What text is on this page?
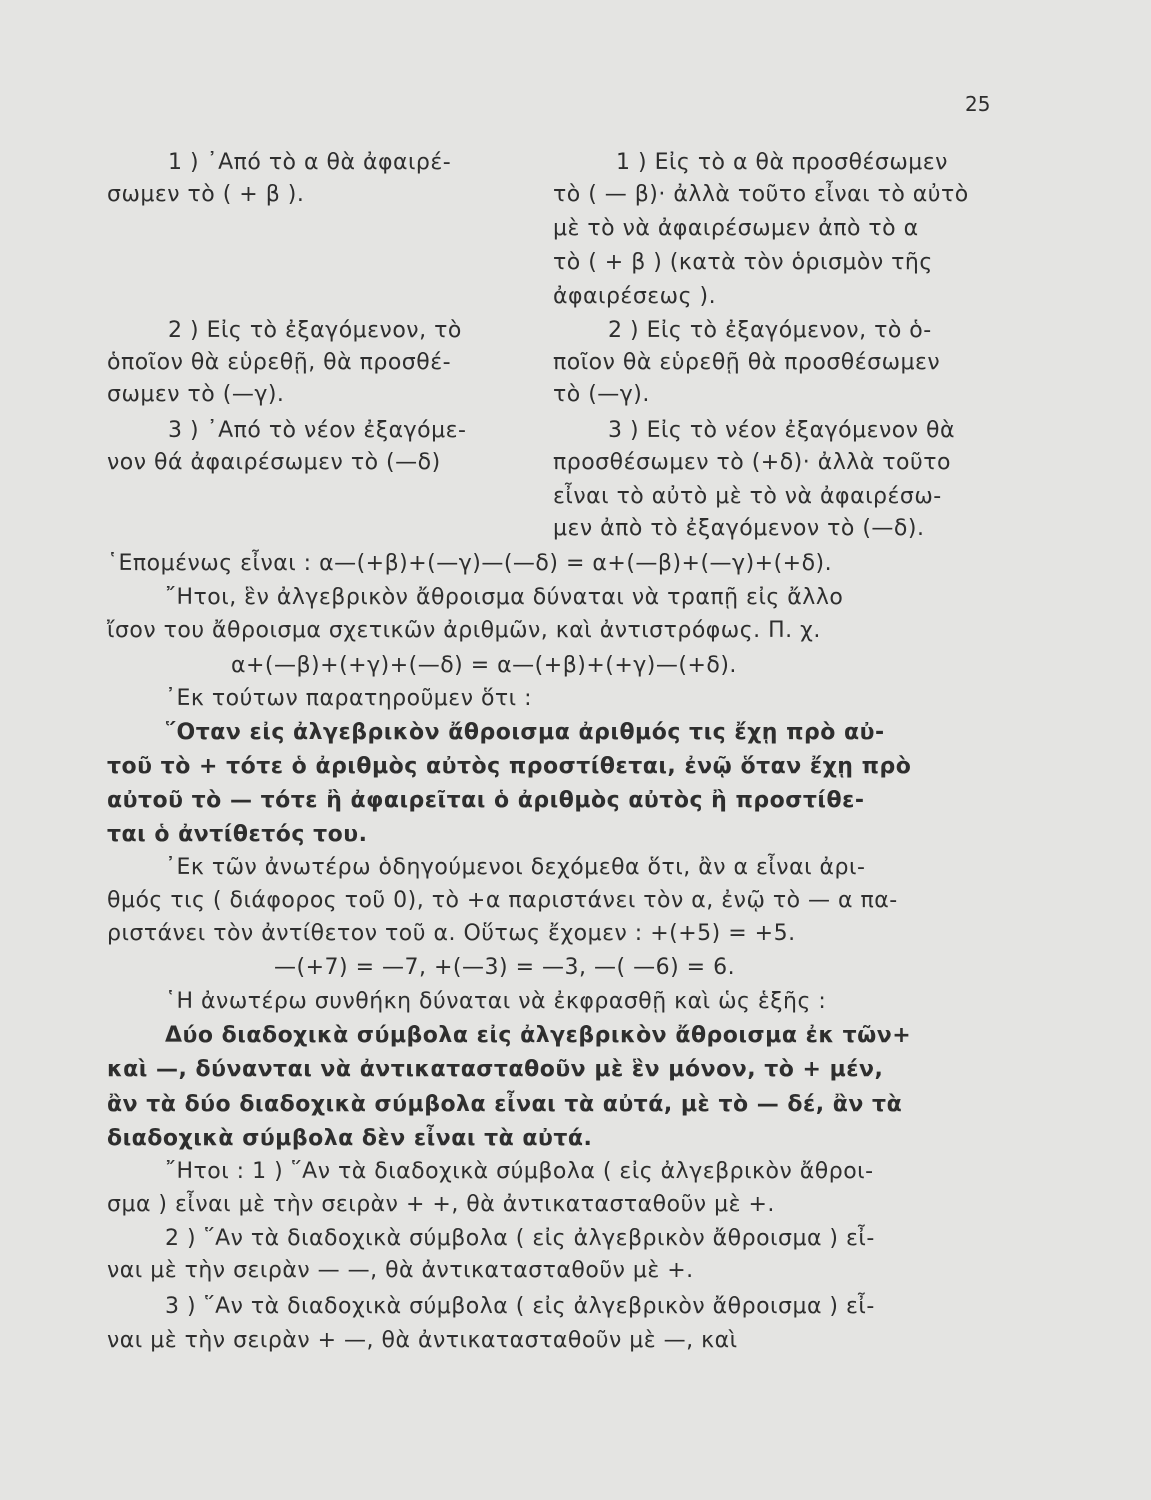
25
1 ) ᾿Από τὸ α θὰ ἀφαιρέ-
σωμεν τὸ ( + β ).
2 ) Εἰς τὸ ἐξαγόμενον, τὸ
ὁποῖον θὰ εὑρεθῇ, θὰ προσθέ-
σωμεν τὸ (—γ).
3 ) ᾿Από τὸ νέον ἐξαγόμε-
νον θά ἀφαιρέσωμεν τὸ (—δ)
1 ) Εἰς τὸ α θὰ προσθέσωμεν
τὸ ( — β)· ἀλλὰ τοῦτο εἶναι τὸ αὐτὸ
μὲ τὸ νὰ ἀφαιρέσωμεν ἀπὸ τὸ α
τὸ ( + β ) (κατὰ τὸν ὁρισμὸν τῆς
ἀφαιρέσεως ).
2 ) Εἰς τὸ ἐξαγόμενον, τὸ ὁ-
ποῖον θὰ εὑρεθῇ θὰ προσθέσωμεν
τὸ (—γ).
3 ) Εἰς τὸ νέον ἐξαγόμενον θὰ
προσθέσωμεν τὸ (+δ)· ἀλλὰ τοῦτο
εἶναι τὸ αὐτὸ μὲ τὸ νὰ ἀφαιρέσω-
μεν ἀπὸ τὸ ἐξαγόμενον τὸ (—δ).
῾Επομένως εἶναι : α—(+β)+(—γ)—(—δ) = α+(—β)+(—γ)+(+δ).
῎Ητοι, ἓν ἀλγεβρικὸν ἄθροισμα δύναται νὰ τραπῇ εἰς ἄλλο
ἴσον του ἄθροισμα σχετικῶν ἀριθμῶν, καὶ ἀντιστρόφως. Π. χ.
α+(—β)+(+γ)+(—δ) = α—(+β)+(+γ)—(+δ).
᾿Εκ τούτων παρατηροῦμεν ὅτι :
῞Οταν εἰς ἀλγεβρικὸν ἄθροισμα ἀριθμός τις ἔχῃ πρὸ αὐ-
τοῦ τὸ + τότε ὁ ἀριθμὸς αὐτὸς προστίθεται, ἐνῷ ὅταν ἔχῃ πρὸ
αὐτοῦ τὸ — τότε ἢ ἀφαιρεῖται ὁ ἀριθμὸς αὐτὸς ἢ προστίθε-
ται ὁ ἀντίθετός του.
᾿Εκ τῶν ἀνωτέρω ὁδηγούμενοι δεχόμεθα ὅτι, ἂν α εἶναι ἀρι-
θμός τις ( διάφορος τοῦ 0), τὸ +α παριστάνει τὸν α, ἐνῷ τὸ — α πα-
ριστάνει τὸν ἀντίθετον τοῦ α. Οὕτως ἔχομεν : +(+5) = +5.
—(+7) = —7, +(—3) = —3, —( —6) = 6.
῾Η ἀνωτέρω συνθήκη δύναται νὰ ἐκφρασθῇ καὶ ὡς ἑξῆς :
Δύο διαδοχικὰ σύμβολα εἰς ἀλγεβρικὸν ἄθροισμα ἐκ τῶν+
καὶ —, δύνανται νὰ ἀντικατασταθοῦν μὲ ἓν μόνον, τὸ + μέν,
ἂν τὰ δύο διαδοχικὰ σύμβολα εἶναι τὰ αὐτά, μὲ τὸ — δέ, ἂν τὰ
διαδοχικὰ σύμβολα δὲν εἶναι τὰ αὐτά.
῎Ητοι : 1 ) ῞Αν τὰ διαδοχικὰ σύμβολα ( εἰς ἀλγεβρικὸν ἄθροι-
σμα ) εἶναι μὲ τὴν σειρὰν + +, θὰ ἀντικατασταθοῦν μὲ +.
2 ) ῞Αν τὰ διαδοχικὰ σύμβολα ( εἰς ἀλγεβρικὸν ἄθροισμα ) εἶ-
ναι μὲ τὴν σειρὰν — —, θὰ ἀντικατασταθοῦν μὲ +.
3 ) ῞Αν τὰ διαδοχικὰ σύμβολα ( εἰς ἀλγεβρικὸν ἄθροισμα ) εἶ-
ναι μὲ τὴν σειρὰν + —, θὰ ἀντικατασταθοῦν μὲ —, καὶ
